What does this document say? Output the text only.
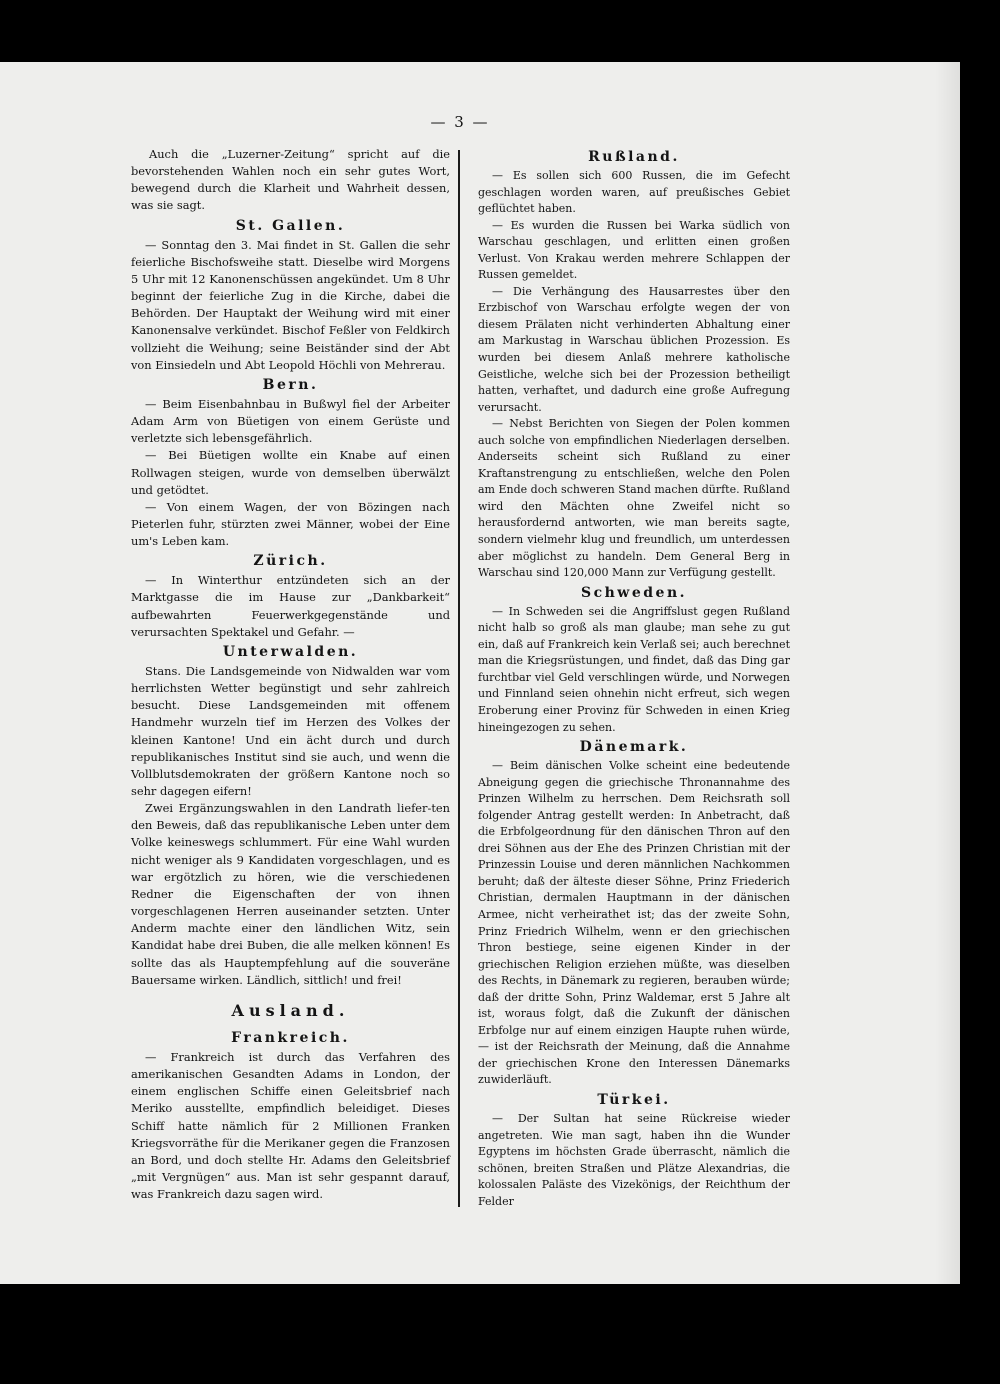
— 3 —

Auch die „Luzerner-Zeitung“ spricht auf die bevorstehenden Wahlen noch ein sehr gutes Wort, bewegend durch die Klarheit und Wahrheit dessen, was sie sagt.

St. Gallen.

— Sonntag den 3. Mai findet in St. Gallen die sehr feierliche Bischofsweihe statt. Dieselbe wird Morgens 5 Uhr mit 12 Kanonenschüssen angekündet. Um 8 Uhr beginnt der feierliche Zug in die Kirche, dabei die Behörden. Der Hauptakt der Weihung wird mit einer Kanonensalve verkündet. Bischof Feßler von Feldkirch vollzieht die Weihung; seine Beiständer sind der Abt von Einsiedeln und Abt Leopold Höchli von Mehrerau.

Bern.

— Beim Eisenbahnbau in Bußwyl fiel der Arbeiter Adam Arm von Büetigen von einem Gerüste und verletzte sich lebensgefährlich.

— Bei Büetigen wollte ein Knabe auf einen Rollwagen steigen, wurde von demselben überwälzt und getödtet.

— Von einem Wagen, der von Bözingen nach Pieterlen fuhr, stürzten zwei Männer, wobei der Eine um's Leben kam.

Zürich.

— In Winterthur entzündeten sich an der Marktgasse die im Hause zur „Dankbarkeit“ aufbewahrten Feuerwerkgegenstände und verursachten Spektakel und Gefahr. —

Unterwalden.

Stans. Die Landsgemeinde von Nidwalden war vom herrlichsten Wetter begünstigt und sehr zahlreich besucht. Diese Landsgemeinden mit offenem Handmehr wurzeln tief im Herzen des Volkes der kleinen Kantone! Und ein ächt durch und durch republikanisches Institut sind sie auch, und wenn die Vollblutsdemokraten der größern Kantone noch so sehr dagegen eifern!

Zwei Ergänzungswahlen in den Landrath liefer-ten den Beweis, daß das republikanische Leben unter dem Volke keineswegs schlummert. Für eine Wahl wurden nicht weniger als 9 Kandidaten vorgeschlagen, und es war ergötzlich zu hören, wie die verschiedenen Redner die Eigenschaften der von ihnen vorgeschlagenen Herren auseinander setzten. Unter Anderm machte einer den ländlichen Witz, sein Kandidat habe drei Buben, die alle melken können! Es sollte das als Hauptempfehlung auf die souveräne Bauersame wirken. Ländlich, sittlich! und frei!

Ausland.
Frankreich.

— Frankreich ist durch das Verfahren des amerikanischen Gesandten Adams in London, der einem englischen Schiffe einen Geleitsbrief nach Meriko ausstellte, empfindlich beleidiget. Dieses Schiff hatte nämlich für 2 Millionen Franken Kriegsvorräthe für die Merikaner gegen die Franzosen an Bord, und doch stellte Hr. Adams den Geleitsbrief „mit Vergnügen“ aus. Man ist sehr gespannt darauf, was Frankreich dazu sagen wird.

Rußland.

— Es sollen sich 600 Russen, die im Gefecht geschlagen worden waren, auf preußisches Gebiet geflüchtet haben.

— Es wurden die Russen bei Warka südlich von Warschau geschlagen, und erlitten einen großen Verlust. Von Krakau werden mehrere Schlappen der Russen gemeldet.

— Die Verhängung des Hausarrestes über den Erzbischof von Warschau erfolgte wegen der von diesem Prälaten nicht verhinderten Abhaltung einer am Markustag in Warschau üblichen Prozession. Es wurden bei diesem Anlaß mehrere katholische Geistliche, welche sich bei der Prozession betheiligt hatten, verhaftet, und dadurch eine große Aufregung verursacht.

— Nebst Berichten von Siegen der Polen kommen auch solche von empfindlichen Niederlagen derselben. Anderseits scheint sich Rußland zu einer Kraftanstrengung zu entschließen, welche den Polen am Ende doch schweren Stand machen dürfte. Rußland wird den Mächten ohne Zweifel nicht so herausfordernd antworten, wie man bereits sagte, sondern vielmehr klug und freundlich, um unterdessen aber möglichst zu handeln. Dem General Berg in Warschau sind 120,000 Mann zur Verfügung gestellt.

Schweden.

— In Schweden sei die Angriffslust gegen Rußland nicht halb so groß als man glaube; man sehe zu gut ein, daß auf Frankreich kein Verlaß sei; auch berechnet man die Kriegsrüstungen, und findet, daß das Ding gar furchtbar viel Geld verschlingen würde, und Norwegen und Finnland seien ohnehin nicht erfreut, sich wegen Eroberung einer Provinz für Schweden in einen Krieg hineingezogen zu sehen.

Dänemark.

— Beim dänischen Volke scheint eine bedeutende Abneigung gegen die griechische Thronannahme des Prinzen Wilhelm zu herrschen. Dem Reichsrath soll folgender Antrag gestellt werden: In Anbetracht, daß die Erbfolgeordnung für den dänischen Thron auf den drei Söhnen aus der Ehe des Prinzen Christian mit der Prinzessin Louise und deren männlichen Nachkommen beruht; daß der älteste dieser Söhne, Prinz Friederich Christian, dermalen Hauptmann in der dänischen Armee, nicht verheirathet ist; das der zweite Sohn, Prinz Friedrich Wilhelm, wenn er den griechischen Thron bestiege, seine eigenen Kinder in der griechischen Religion erziehen müßte, was dieselben des Rechts, in Dänemark zu regieren, berauben würde; daß der dritte Sohn, Prinz Waldemar, erst 5 Jahre alt ist, woraus folgt, daß die Zukunft der dänischen Erbfolge nur auf einem einzigen Haupte ruhen würde, — ist der Reichsrath der Meinung, daß die Annahme der griechischen Krone den Interessen Dänemarks zuwiderläuft.

Türkei.

— Der Sultan hat seine Rückreise wieder angetreten. Wie man sagt, haben ihn die Wunder Egyptens im höchsten Grade überrascht, nämlich die schönen, breiten Straßen und Plätze Alexandrias, die kolossalen Paläste des Vizekönigs, der Reichthum der Felder
